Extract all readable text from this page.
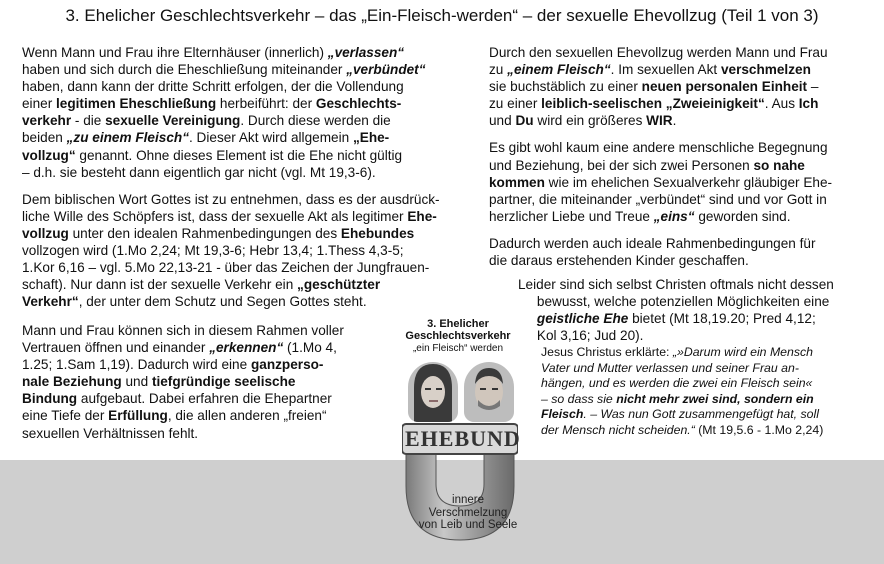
3. Ehelicher Geschlechtsverkehr – das „Ein-Fleisch-werden“ – der sexuelle Ehevollzug (Teil 1 von 3)

Wenn Mann und Frau ihre Elternhäuser (innerlich) „verlassen“
haben und sich durch die Eheschließung miteinander „verbündet“
haben, dann kann der dritte Schritt erfolgen, der die Vollendung
einer legitimen Eheschließung herbeiführt: der Geschlechts-
verkehr - die sexuelle Vereinigung. Durch diese werden die
beiden „zu einem Fleisch“. Dieser Akt wird allgemein „Ehe-
vollzug“ genannt. Ohne dieses Element ist die Ehe nicht gültig
– d.h. sie besteht dann eigentlich gar nicht (vgl. Mt 19,3-6).

Dem biblischen Wort Gottes ist zu entnehmen, dass es der ausdrück-
liche Wille des Schöpfers ist, dass der sexuelle Akt als legitimer Ehe-
vollzug unter den idealen Rahmenbedingungen des Ehebundes
vollzogen wird (1.Mo 2,24; Mt 19,3-6; Hebr 13,4; 1.Thess 4,3-5;
1.Kor 6,16 – vgl. 5.Mo 22,13-21 - über das Zeichen der Jungfrauen-
schaft). Nur dann ist der sexuelle Verkehr ein „geschützter
Verkehr“, der unter dem Schutz und Segen Gottes steht.

Mann und Frau können sich in diesem Rahmen voller
Vertrauen öffnen und einander „erkennen“ (1.Mo 4,
1.25; 1.Sam 1,19). Dadurch wird eine ganzperso-
nale Beziehung und tiefgründige seelische
Bindung aufgebaut. Dabei erfahren die Ehepartner
eine Tiefe der Erfüllung, die allen anderen „freien“
sexuellen Verhältnissen fehlt.

Durch den sexuellen Ehevollzug werden Mann und Frau
zu „einem Fleisch“. Im sexuellen Akt verschmelzen
sie buchstäblich zu einer neuen personalen Einheit –
zu einer leiblich-seelischen „Zweieinigkeit“. Aus Ich
und Du wird ein größeres WIR.

Es gibt wohl kaum eine andere menschliche Begegnung
und Beziehung, bei der sich zwei Personen so nahe
kommen wie im ehelichen Sexualverkehr gläubiger Ehe-
partner, die miteinander „verbündet“ sind und vor Gott in
herzlicher Liebe und Treue „eins“ geworden sind.

Dadurch werden auch ideale Rahmenbedingungen für
die daraus erstehenden Kinder geschaffen.

Leider sind sich selbst Christen oftmals nicht dessen
bewusst, welche potenziellen Möglichkeiten eine
geistliche Ehe bietet (Mt 18,19.20; Pred 4,12;
Kol 3,16; Jud 20).
Jesus Christus erklärte: „»Darum wird ein Mensch
Vater und Mutter verlassen und seiner Frau an-
hängen, und es werden die zwei ein Fleisch sein«
– so dass sie nicht mehr zwei sind, sondern ein
Fleisch. – Was nun Gott zusammengefügt hat, soll
der Mensch nicht scheiden.“ (Mt 19,5.6 - 1.Mo 2,24)
3. Ehelicher
Geschlechtsverkehr
„ein Fleisch“ werden
EHEBUND
innere
Verschmelzung
von Leib und Seele
